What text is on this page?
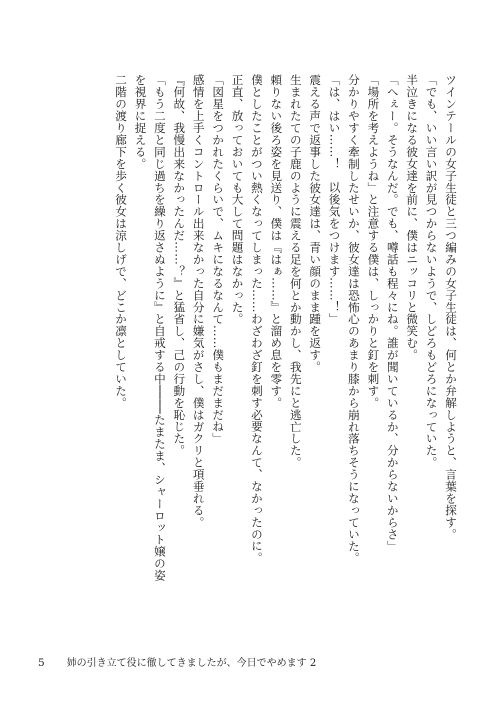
ツインテールの女子生徒と三つ編みの女子生徒は、何とか弁解しようと、言葉を探す。
「でも、いい言い訳が見つからないようで、しどろもどろになっていた。
半泣きになる彼女達を前に、僕はニッコリと微笑む。
「へぇー。そうなんだ。でも、噂話も程々にね。誰が聞いているか、分からないからさ」
「場所を考えようね」と注意する僕は、しっかりと釘を刺す。
分かりやすく牽制したせいか、彼女達は恐怖心のあまり膝から崩れ落ちそうになっていた。
「は、はい……！　以後気をつけます……！」
震える声で返事した彼女達は、青い顔のまま踵を返す。
生まれたての子鹿のように震える足を何とか動かし、我先にと逃亡した。
頼りない後ろ姿を見送り、僕は『はぁ……』と溜め息を零す。
僕としたことがつい熱くなってしまった……わざわざ釘を刺す必要なんて、なかったのに。
正直、放っておいても大して問題はなかった。
「図星をつかれたくらいで、ムキになるなんて……僕もまだまだね」
感情を上手くコントロール出来なかった自分に嫌気がさし、僕はガクリと項垂れる。
『何故、我慢出来なかったんだ……？』と猛省し、己の行動を恥じた。
「もう二度と同じ過ちを繰り返さぬように』と自戒する中────たまたま、シャーロット嬢の姿
を視界に捉える。
二階の渡り廊下を歩く彼女は涼しげで、どこか凛としていた。
5 姉の引き立て役に徹してきましたが、今日でやめます 2
